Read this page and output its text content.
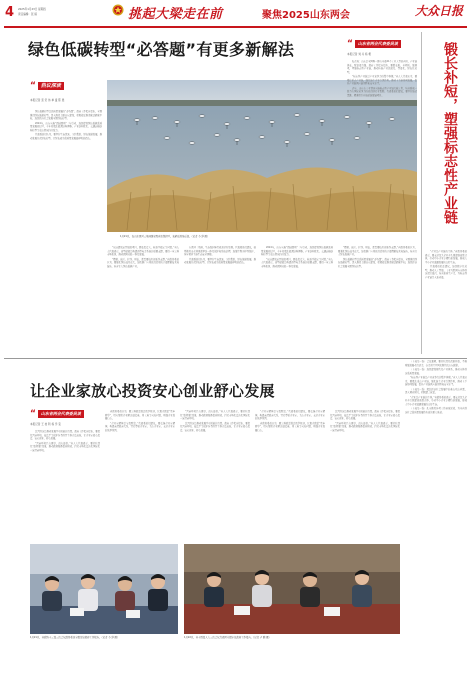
4 2025年1月23日 星期四
责任编辑：张 娟	挑起大梁走在前	聚焦2025山东两会	大众日报
绿色低碳转型“必答题”有更多新解法
“	热议深读
本报记者 张 宏 伟 单 童 陈 晨

绿色低碳转型是高质量发展的“必答题”。政府工作报告提出，全面推进绿色低碳转型，深入推进美丽山东建设，积极稳妥推进碳达峰碳中和，加快经济社会发展全面绿色转型。

2024年，山东实施“四减四增”三年行动，加快建设绿色低碳高质量发展先行区，今年将聚焦能源结构调整、产业结构优化、交通运输结构转型等重点领域持续发力。

代表委员们认为，要坚持生态优先、节约集约、绿色低碳发展，推动发展方式绿色转型，让绿色成为高质量发展最鲜明的底色。

1月21日，在山东黄河三角洲国家级自然保护区，灰鹤在湿地觅食。（记者 李 淳 摄）

“以前建设运营储能项目，面临投资大、收益不稳定等问题。”省人大代表表示，新型储能是构建新型电力系统的重要支撑，要进一步完善市场机制，推动源网荷储一体化发展。

“降碳、减污、扩绿、增长，都需要技术创新作支撑。”省政协委员认为，要强化绿色技术攻关，加快推广应用先进适用的节能降碳技术和装备，培育壮大绿色低碳产业。

在黄河三角洲，生态保护修复成效持续显现。代表委员们建议，统筹推进山水林田湖草沙一体化保护和系统治理，加强生物多样性保护，筑牢黄河下游生态安全屏障。

代表委员们认为，要坚持生态优先、节约集约、绿色低碳发展，推动发展方式绿色转型，让绿色成为高质量发展最鲜明的底色。

2024年，山东实施“四减四增”三年行动，加快建设绿色低碳高质量发展先行区，今年将聚焦能源结构调整、产业结构优化、交通运输结构转型等重点领域持续发力。

“以前建设运营储能项目，面临投资大、收益不稳定等问题。”省人大代表表示，新型储能是构建新型电力系统的重要支撑，要进一步完善市场机制，推动源网荷储一体化发展。

“降碳、减污、扩绿、增长，都需要技术创新作支撑。”省政协委员认为，要强化绿色技术攻关，加快推广应用先进适用的节能降碳技术和装备，培育壮大绿色低碳产业。

绿色低碳转型是高质量发展的“必答题”。政府工作报告提出，全面推进绿色低碳转型，深入推进美丽山东建设，积极稳妥推进碳达峰碳中和，加快经济社会发展全面绿色转型。

“	山东省两会代表委员谈
本报记者 刘 兵 杨 帆

编者按：山东是全国唯一拥有全部41个工业大类的省份，产业链条长、配套能力强。政府工作报告提出，要锻长板、补短板、强弱项，塑强标志性产业链，推动传统产业高端化、智能化、绿色化转型。

“标志性产业链是产业竞争力的集中体现。”省人大代表认为，要聚焦重点产业链，强化链主企业引领作用，推动上下游协同发展，提升产业链供应链韧性和安全水平。

去年，山东在工业领域实施标志性产业链突破工程，培育形成一批具有国际竞争力的先进制造业集群。代表委员们建议，要坚持链式思维，精准招引补链延链强链项目。	锻长补短，塑强标志性产业链

“企业是产业链的主体。”省政协委员表示，要支持龙头企业牵头组建创新联合体，带动中小企业专精特新发展，形成大中小企业融通发展的良好生态。

代表委员们还建议，加快数字化转型，推动人工智能、工业互联网与实体经济深度融合，培育新质生产力，为标志性产业链注入新动能。

让企业家放心投资安心创业舒心发展
“	山东省两会代表委员谈
本报记者 王 桂 利 杨 学 莹

民营经济是推动发展不可或缺的力量。政府工作报告提出，要优化营商环境，依法平等保护各类经营主体合法权益，让企业家放心投资、安心创业、舒心发展。

“营商环境只有更好，没有最好。”省人大代表表示，要持续深化“放管服”改革，推动政务服务提质增效，打造市场化法治化国际化一流营商环境。

省政协委员认为，要完善政策直达快享机制，让惠企政策“免申即享”，切实帮助企业解决融资难、用工难等实际问题，增强企业发展信心。

“企业家精神是宝贵财富。”代表委员们建议，要弘扬企业家精神，构建亲清政商关系，营造尊重企业家、关心企业家、支持企业家的浓厚氛围。

“营商环境只有更好，没有最好。”省人大代表表示，要持续深化“放管服”改革，推动政务服务提质增效，打造市场化法治化国际化一流营商环境。

民营经济是推动发展不可或缺的力量。政府工作报告提出，要优化营商环境，依法平等保护各类经营主体合法权益，让企业家放心投资、安心创业、舒心发展。

“企业家精神是宝贵财富。”代表委员们建议，要弘扬企业家精神，构建亲清政商关系，营造尊重企业家、关心企业家、支持企业家的浓厚氛围。

省政协委员认为，要完善政策直达快享机制，让惠企政策“免申即享”，切实帮助企业解决融资难、用工难等实际问题，增强企业发展信心。

民营经济是推动发展不可或缺的力量。政府工作报告提出，要优化营商环境，依法平等保护各类经营主体合法权益，让企业家放心投资、安心创业、舒心发展。

“营商环境只有更好，没有最好。”省人大代表表示，要持续深化“放管服”改革，推动政务服务提质增效，打造市场化法治化国际化一流营商环境。

1月21日，省政协十三届三次会议政协委员分组讨论政府工作报告。（记者 李 淳 摄）	1月22日，省十四届人大三次会议代表团分组审议政府工作报告。（记者 卢 鹏 摄）

（上接第一版）会议强调，要持续深化改革开放，不断增强发展动力活力，奋力谱写中国式现代化山东篇章。

（上接第一版）加快建设现代化产业体系，推动实体经济高质量发展。

“标志性产业链是产业竞争力的集中体现。”省人大代表认为，要聚焦重点产业链，强化链主企业引领作用，推动上下游协同发展，提升产业链供应链韧性和安全水平。

（上接第一版）聚焦经济社会发展中的难点堵点问题，深入调查研究，积极建言献策。

“企业是产业链的主体。”省政协委员表示，要支持龙头企业牵头组建创新联合体，带动中小企业专精特新发展，形成大中小企业融通发展的良好生态。

（上接第一版）扎实推进各项工作落地见效，为全省经济社会高质量发展作出新的更大贡献。
